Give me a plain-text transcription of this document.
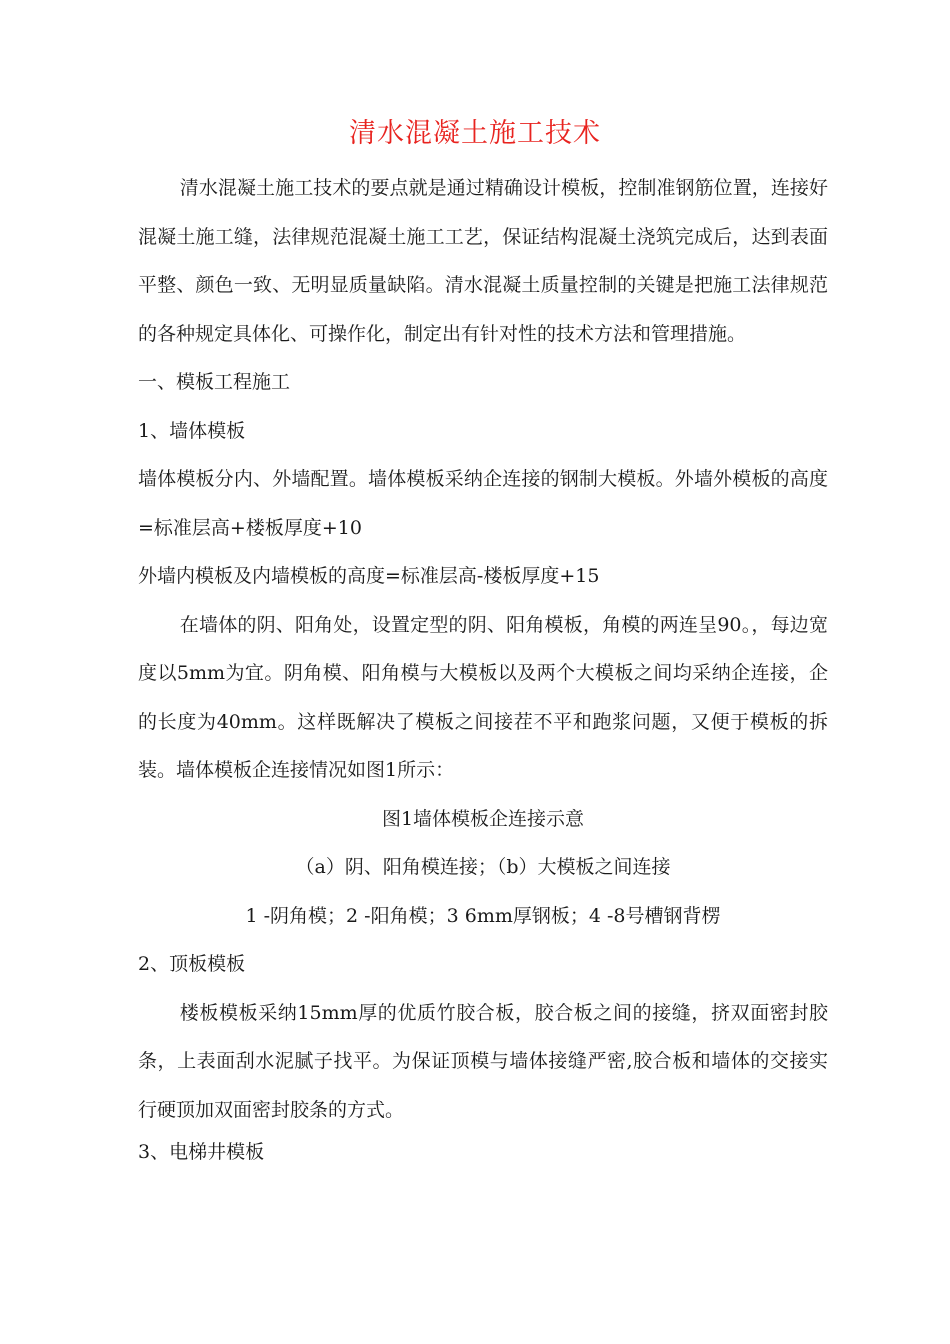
清水混凝土施工技术

清水混凝土施工技术的要点就是通过精确设计模板，控制准钢筋位置，连接好混凝土施工缝，法律规范混凝土施工工艺，保证结构混凝土浇筑完成后，达到表面平整、颜色一致、无明显质量缺陷。清水混凝土质量控制的关键是把施工法律规范的各种规定具体化、可操作化，制定出有针对性的技术方法和管理措施。

一、模板工程施工

1、墙体模板

墙体模板分内、外墙配置。墙体模板采纳企连接的钢制大模板。外墙外模板的高度=标准层高+楼板厚度+10

外墙内模板及内墙模板的高度=标准层高-楼板厚度+15

在墙体的阴、阳角处，设置定型的阴、阳角模板，角模的两连呈90。，每边宽度以5mm为宜。阴角模、阳角模与大模板以及两个大模板之间均采纳企连接，企的长度为40mm。这样既解决了模板之间接茬不平和跑浆问题，又便于模板的拆装。墙体模板企连接情况如图1所示：

图1墙体模板企连接示意

（a）阴、阳角模连接；（b）大模板之间连接

1 -阴角模；2 -阳角模；3 6mm厚钢板；4 -8号槽钢背楞

2、顶板模板

楼板模板采纳15mm厚的优质竹胶合板，胶合板之间的接缝，挤双面密封胶条，上表面刮水泥腻子找平。为保证顶模与墙体接缝严密,胶合板和墙体的交接实行硬顶加双面密封胶条的方式。

3、电梯井模板
